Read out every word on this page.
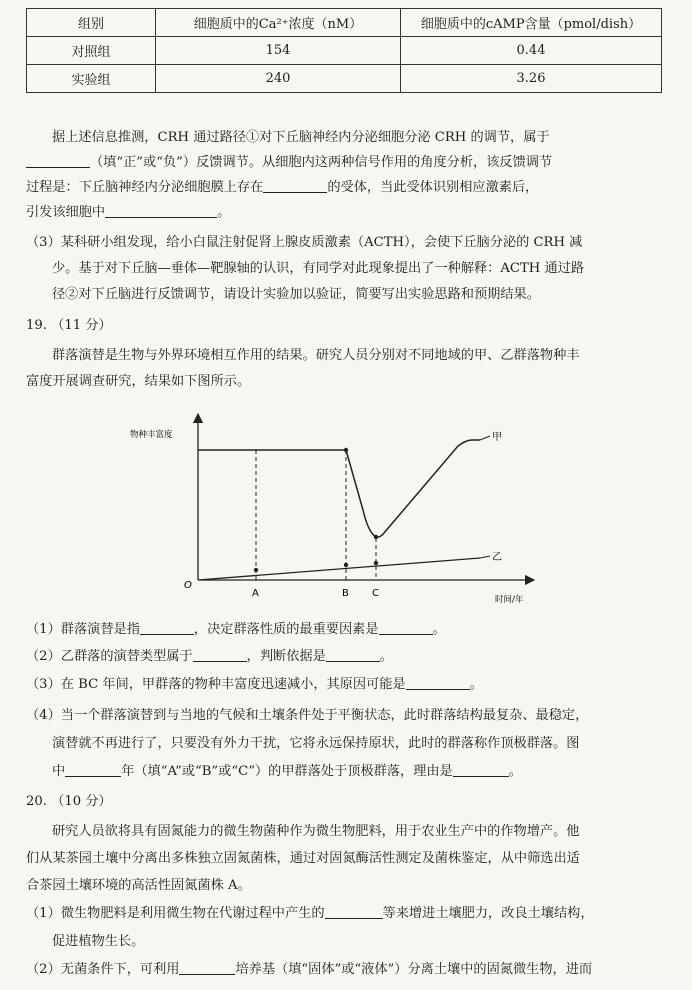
组别	细胞质中的Ca²⁺浓度（nM）	细胞质中的cAMP含量（pmol/dish）
对照组	154	0.44
实验组	240	3.26
据上述信息推测，CRH 通过路径①对下丘脑神经内分泌细胞分泌 CRH 的调节，属于
（填“正”或“负”）反馈调节。从细胞内这两种信号作用的角度分析，该反馈调节
过程是：下丘脑神经内分泌细胞膜上存在	的受体，当此受体识别相应激素后，
引发该细胞中	。
（3）某科研小组发现，给小白鼠注射促肾上腺皮质激素（ACTH），会使下丘脑分泌的 CRH 减
少。基于对下丘脑—垂体—靶腺轴的认识，有同学对此现象提出了一种解释：ACTH 通过路
径②对下丘脑进行反馈调节，请设计实验加以验证，简要写出实验思路和预期结果。
19. （11 分）
群落演替是生物与外界环境相互作用的结果。研究人员分别对不同地域的甲、乙群落物种丰
富度开展调查研究，结果如下图所示。
物种丰富度
时间/年
O
甲
乙
A	B C
（1）群落演替是指	，决定群落性质的最重要因素是	。
（2）乙群落的演替类型属于	，判断依据是	。
（3）在 BC 年间，甲群落的物种丰富度迅速减小，其原因可能是	。
（4）当一个群落演替到与当地的气候和土壤条件处于平衡状态，此时群落结构最复杂、最稳定，
演替就不再进行了，只要没有外力干扰，它将永远保持原状，此时的群落称作顶极群落。图
中	年（填“A”或“B”或“C”）的甲群落处于顶极群落，理由是	。
20. （10 分）
研究人员欲将具有固氮能力的微生物菌种作为微生物肥料，用于农业生产中的作物增产。他
们从某茶园土壤中分离出多株独立固氮菌株，通过对固氮酶活性测定及菌株鉴定，从中筛选出适
合茶园土壤环境的高活性固氮菌株 A。
（1）微生物肥料是利用微生物在代谢过程中产生的	等来增进土壤肥力，改良土壤结构，
促进植物生长。
（2）无菌条件下，可利用	培养基（填“固体”或“液体”）分离土壤中的固氮微生物，进而
